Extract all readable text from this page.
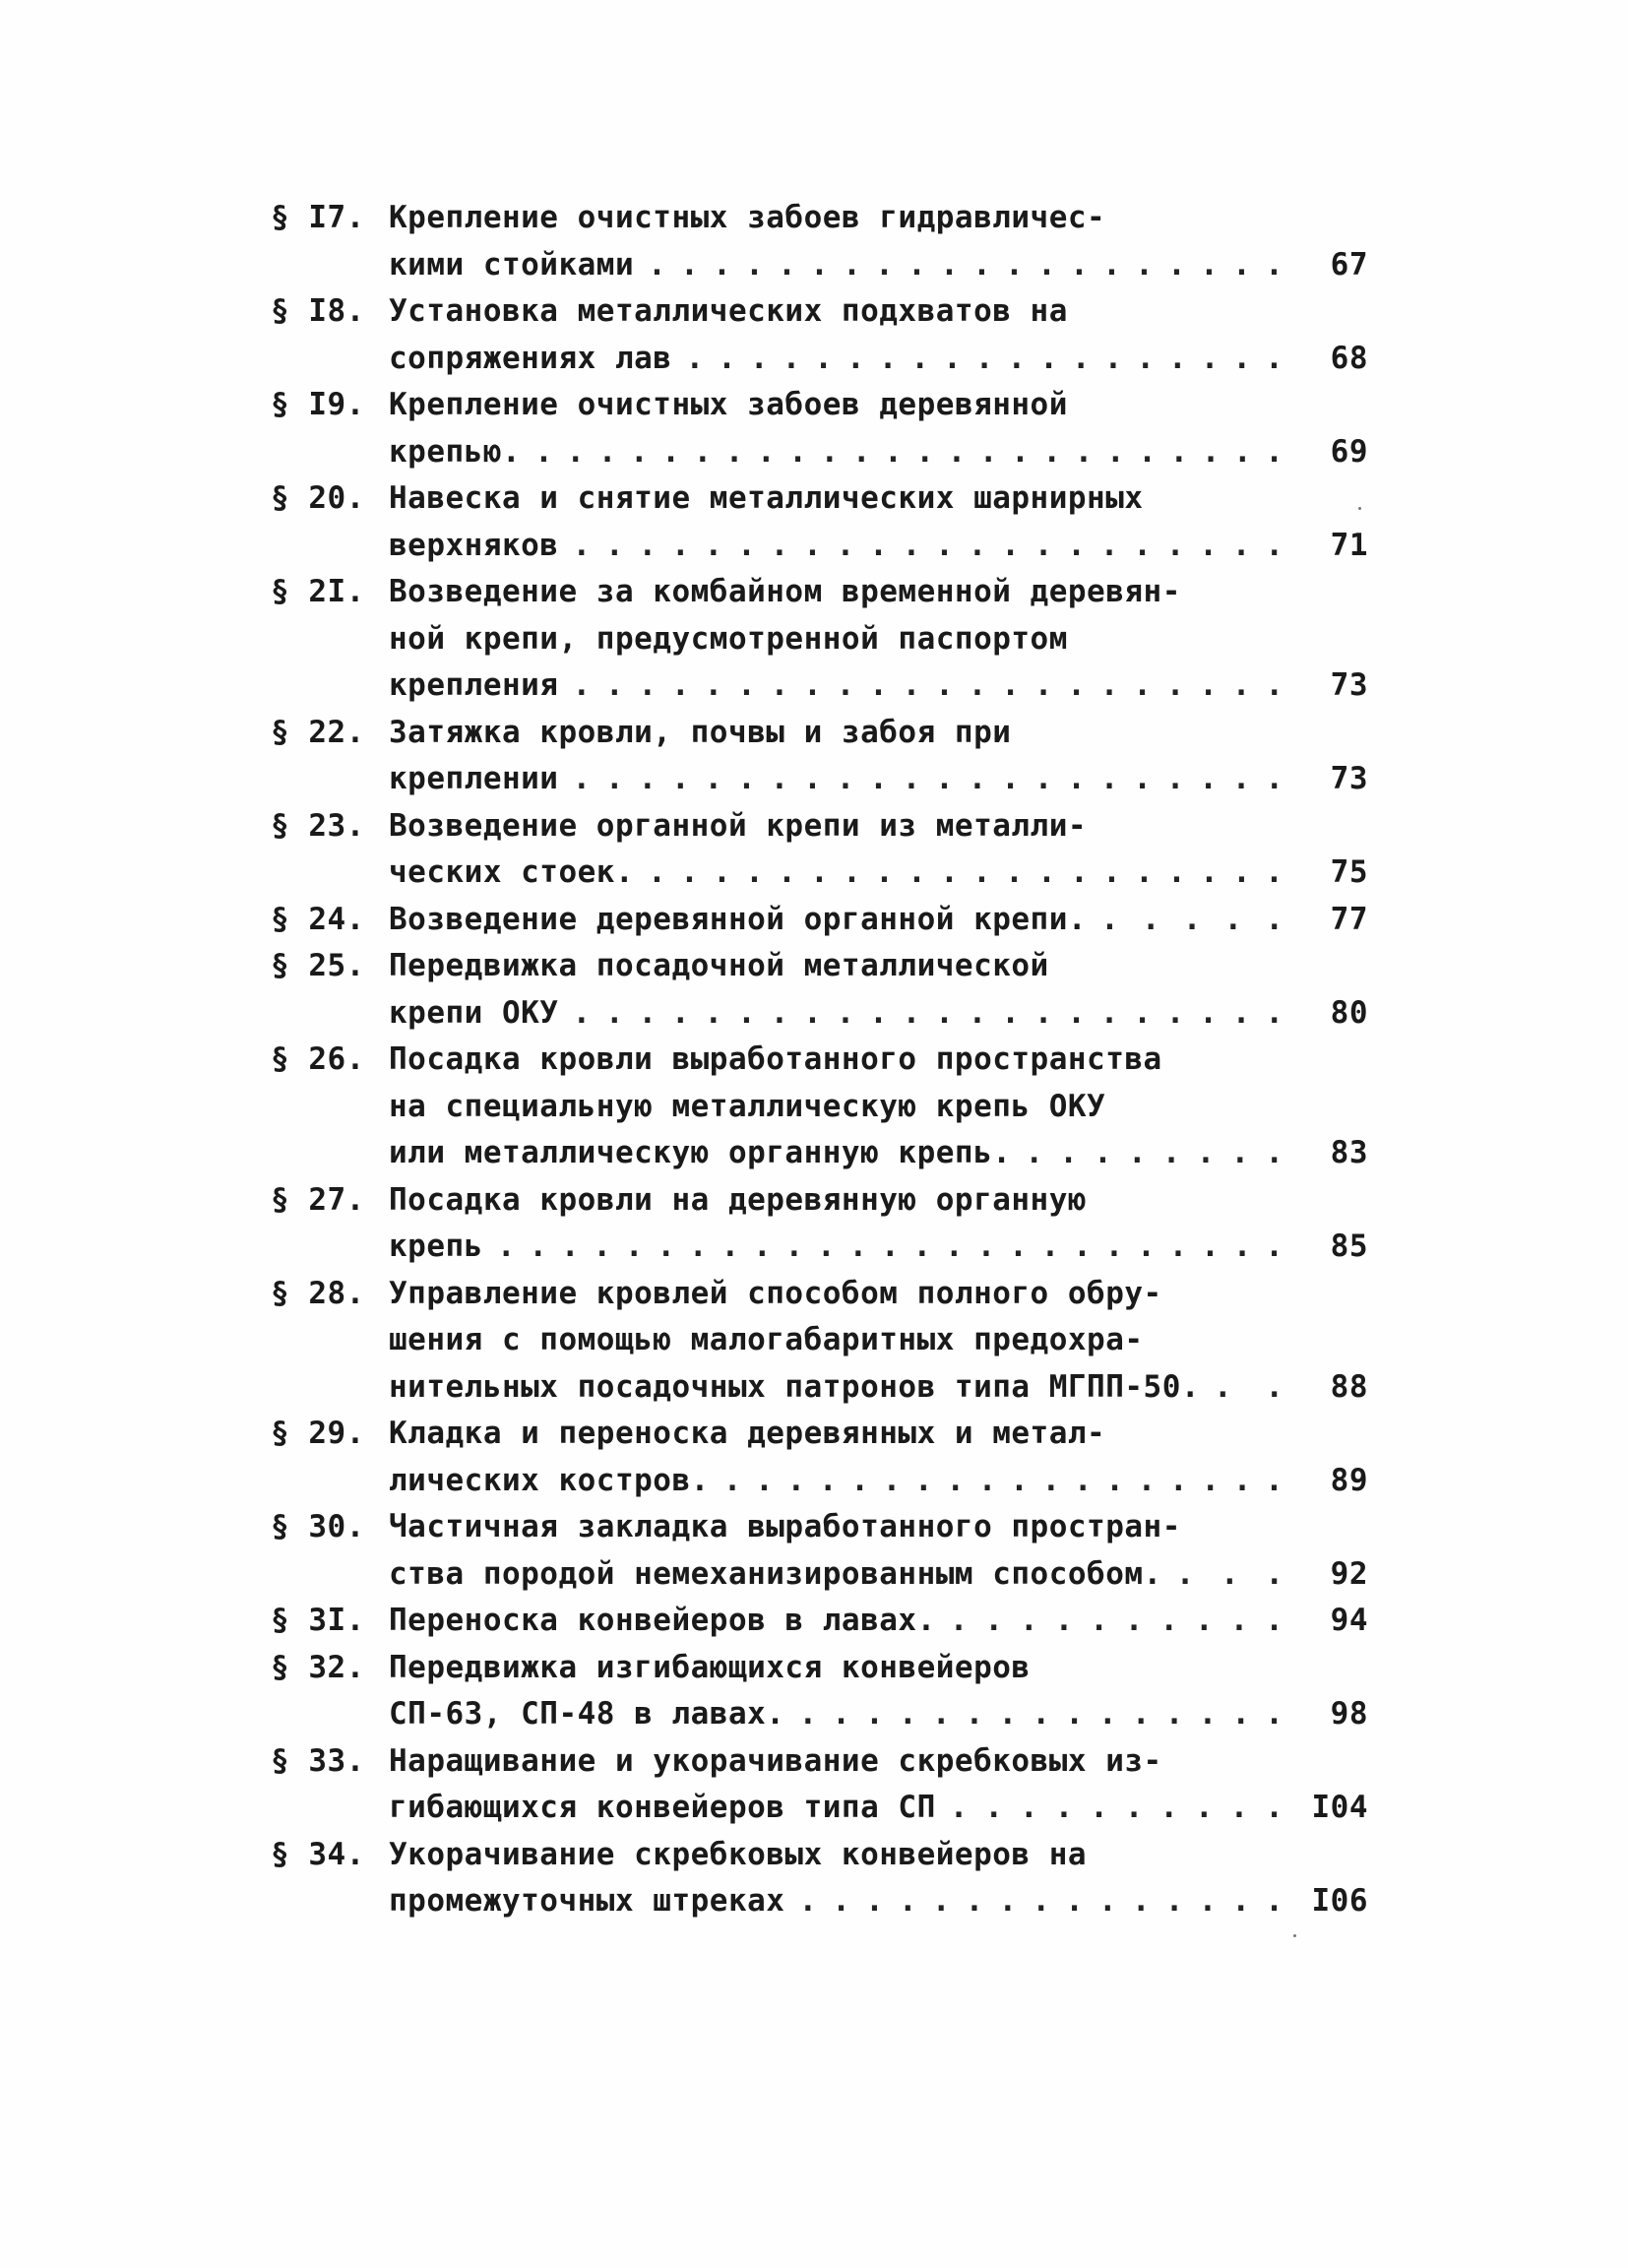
§ I7. Крепление очистных забоев гидравличес-
кими стойками	67
. . . . . . . . . . . . . . . . . . . .
§ I8. Установка металлических подхватов на
сопряжениях лав	68
. . . . . . . . . . . . . . . . . . .
§ I9. Крепление очистных забоев деревянной
крепью.	69
. . . . . . . . . . . . . . . . . . . . . . . .
§ 20. Навеска и снятие металлических шарнирных
верхняков	71
. . . . . . . . . . . . . . . . . . . . . .
§ 2I. Возведение за комбайном временной деревян-
ной крепи, предусмотренной паспортом
крепления	73
. . . . . . . . . . . . . . . . . . . . . .
§ 22. Затяжка кровли, почвы и забоя при
креплении	73
. . . . . . . . . . . . . . . . . . . . . .
§ 23. Возведение органной крепи из металли-
ческих стоек.	75
. . . . . . . . . . . . . . . . . . . .
§ 24. Возведение деревянной органной крепи.	77
. . . . .
§ 25. Передвижка посадочной металлической
крепи ОКУ	80
. . . . . . . . . . . . . . . . . . . . . .
§ 26. Посадка кровли выработанного пространства
на специальную металлическую крепь ОКУ
или металлическую органную крепь.	83
. . . . . . . .
§ 27. Посадка кровли на деревянную органную
крепь	85
. . . . . . . . . . . . . . . . . . . . . . . . .
§ 28. Управление кровлей способом полного обру-
шения с помощью малогабаритных предохра-
нительных посадочных патронов типа МГПП-50.	88
. .
§ 29. Кладка и переноска деревянных и метал-
лических костров.	89
. . . . . . . . . . . . . . . . . .
§ 30. Частичная закладка выработанного простран-
ства породой немеханизированным способом.	92
. . .
§ 3I. Переноска конвейеров в лавах.	94
. . . . . . . . . .
§ 32. Передвижка изгибающихся конвейеров
СП-63, СП-48 в лавах.	98
. . . . . . . . . . . . . . .
§ 33. Наращивание и укорачивание скребковых из-
гибающихся конвейеров типа СП	I04
. . . . . . . . . .
§ 34. Укорачивание скребковых конвейеров на
промежуточных штреках	I06
. . . . . . . . . . . . . . .
